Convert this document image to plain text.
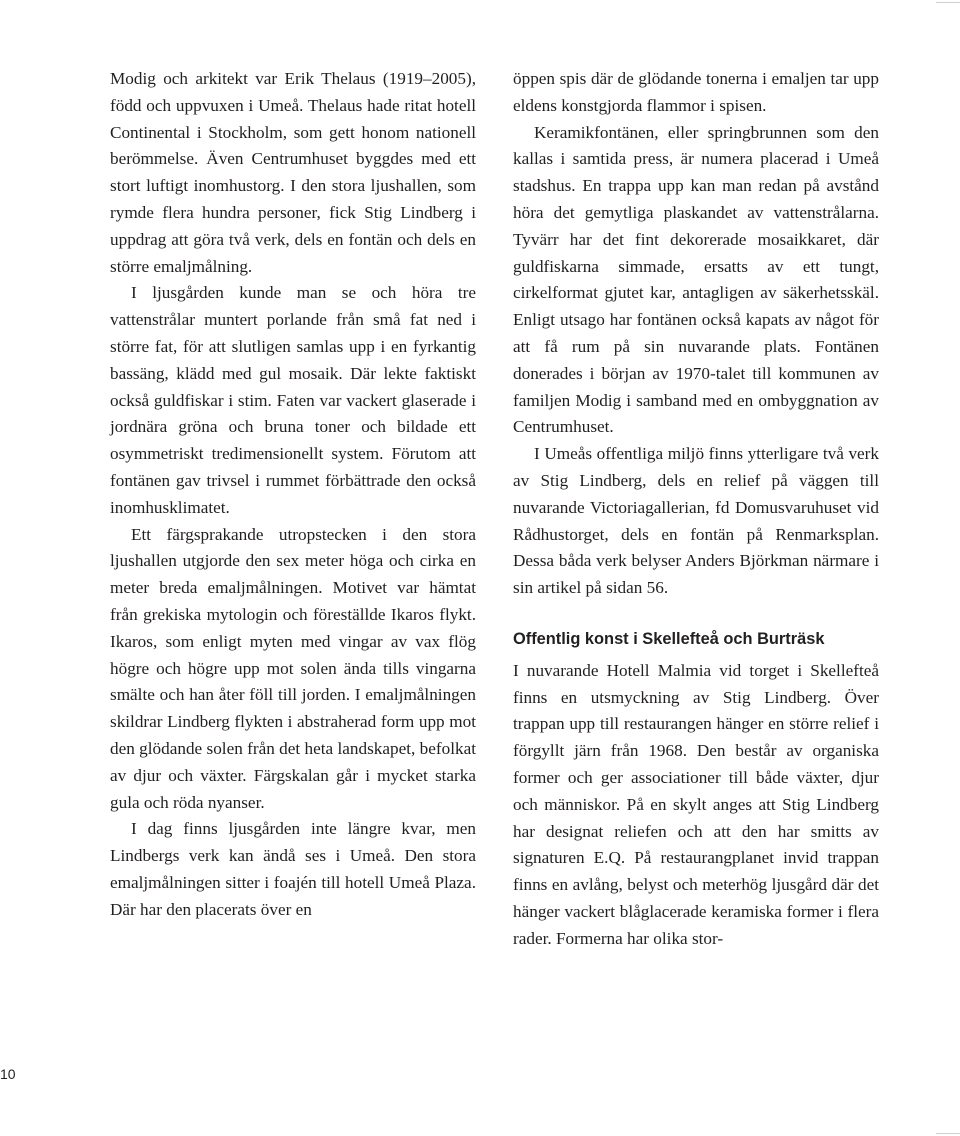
Modig och arkitekt var Erik Thelaus (1919–2005), född och uppvuxen i Umeå. Thelaus hade ritat hotell Continental i Stockholm, som gett honom nationell berömmelse. Även Centrumhuset byggdes med ett stort luftigt inomhustorg. I den stora ljushallen, som rymde flera hundra personer, fick Stig Lindberg i uppdrag att göra två verk, dels en fontän och dels en större emaljmålning.

I ljusgården kunde man se och höra tre vattenstrålar muntert porlande från små fat ned i större fat, för att slutligen samlas upp i en fyrkantig bassäng, klädd med gul mosaik. Där lekte faktiskt också guldfiskar i stim. Faten var vackert glaserade i jordnära gröna och bruna toner och bildade ett osymmetriskt tredimensionellt system. Förutom att fontänen gav trivsel i rummet förbättrade den också inomhusklimatet.

Ett färgsprakande utropstecken i den stora ljushallen utgjorde den sex meter höga och cirka en meter breda emaljmålningen. Motivet var hämtat från grekiska mytologin och föreställde Ikaros flykt. Ikaros, som enligt myten med vingar av vax flög högre och högre upp mot solen ända tills vingarna smälte och han åter föll till jorden. I emaljmålningen skildrar Lindberg flykten i abstraherad form upp mot den glödande solen från det heta landskapet, befolkat av djur och växter. Färgskalan går i mycket starka gula och röda nyanser.

I dag finns ljusgården inte längre kvar, men Lindbergs verk kan ändå ses i Umeå. Den stora emaljmålningen sitter i foajén till hotell Umeå Plaza. Där har den placerats över en

öppen spis där de glödande tonerna i emaljen tar upp eldens konstgjorda flammor i spisen.

Keramikfontänen, eller springbrunnen som den kallas i samtida press, är numera placerad i Umeå stadshus. En trappa upp kan man redan på avstånd höra det gemytliga plaskandet av vattenstrålarna. Tyvärr har det fint dekorerade mosaikkaret, där guldfiskarna simmade, ersatts av ett tungt, cirkelformat gjutet kar, antagligen av säkerhetsskäl. Enligt utsago har fontänen också kapats av något för att få rum på sin nuvarande plats. Fontänen donerades i början av 1970-talet till kommunen av familjen Modig i samband med en ombyggnation av Centrumhuset.

I Umeås offentliga miljö finns ytterligare två verk av Stig Lindberg, dels en relief på väggen till nuvarande Victoriagallerian, fd Domusvaruhuset vid Rådhustorget, dels en fontän på Renmarksplan. Dessa båda verk belyser Anders Björkman närmare i sin artikel på sidan 56.

Offentlig konst i Skellefteå och Burträsk

I nuvarande Hotell Malmia vid torget i Skellefteå finns en utsmyckning av Stig Lindberg. Över trappan upp till restaurangen hänger en större relief i förgyllt järn från 1968. Den består av organiska former och ger associationer till både växter, djur och människor. På en skylt anges att Stig Lindberg har designat reliefen och att den har smitts av signaturen E.Q. På restaurangplanet invid trappan finns en avlång, belyst och meterhög ljusgård där det hänger vackert blåglacerade keramiska former i flera rader. Formerna har olika stor-

10
